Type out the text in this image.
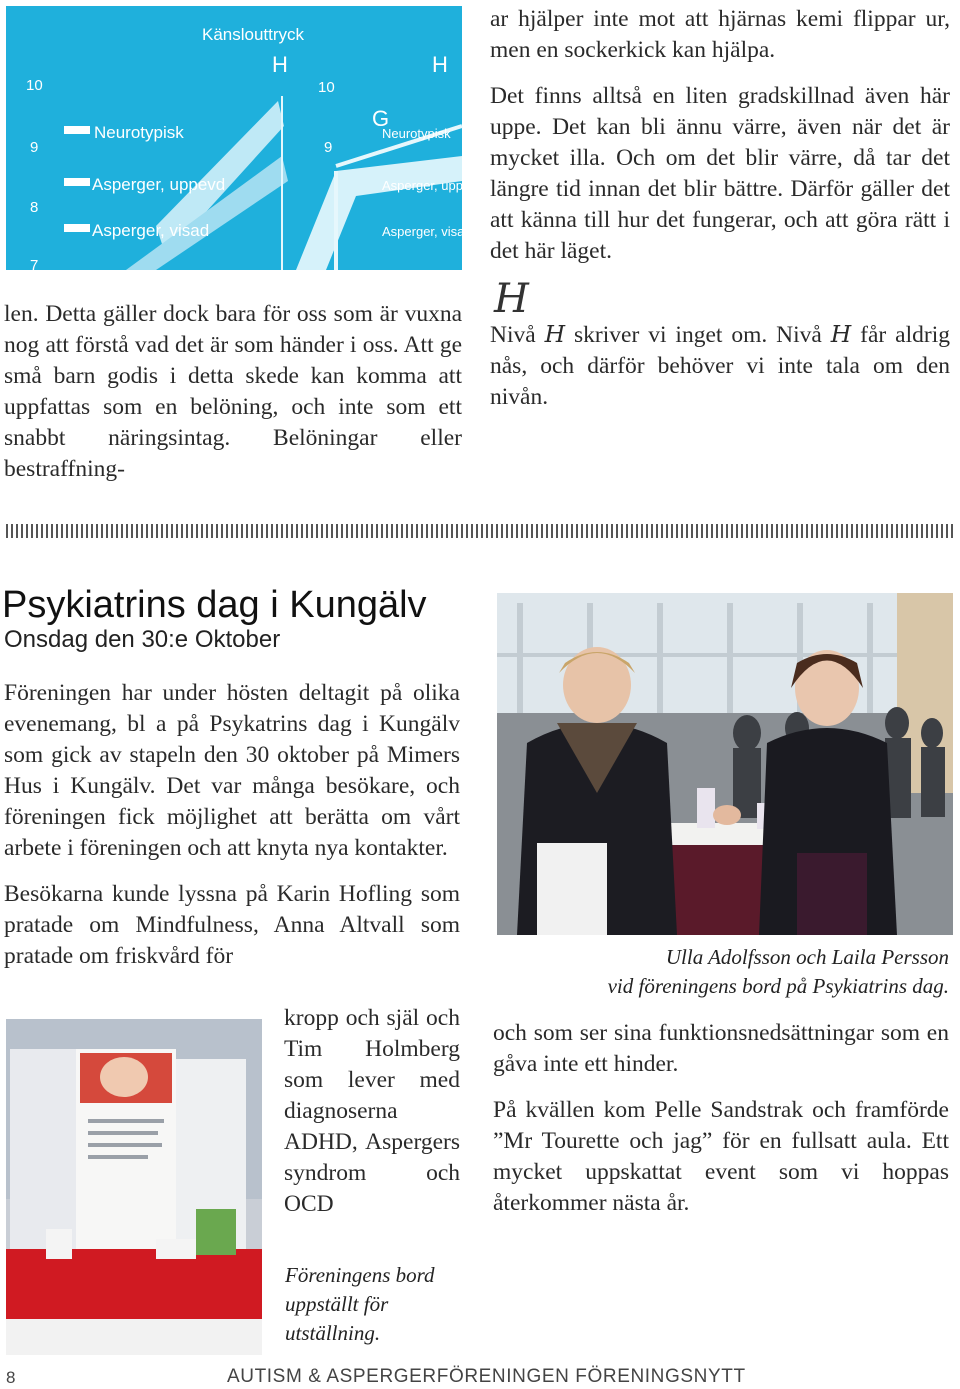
Känslouttryck
H	H
G
10
9
8
7
10
9
Neurotypisk
Asperger, uppevd
Asperger, visad
Neurotypisk
Asperger, upple
Asperger, visad

len. Detta gäller dock bara för oss som är vuxna nog att förstå vad det är som händer i oss. Att ge små barn godis i detta skede kan komma att uppfattas som en belöning, och inte som ett snabbt näringsintag. Belöningar eller bestraffning-

ar hjälper inte mot att hjärnas kemi flippar ur, men en sockerkick kan hjälpa.

Det finns alltså en liten gradskillnad även här uppe. Det kan bli ännu värre, även när det är mycket illa. Och om det blir värre, då tar det längre tid innan det blir bättre. Därför gäller det att känna till hur det fungerar, och att göra rätt i det här läget.

H

Nivå H skriver vi inget om. Nivå H får aldrig nås, och därför behöver vi inte tala om den nivån.

Psykiatrins dag i Kungälv
Onsdag den 30:e Oktober

Föreningen har under hösten deltagit på olika evenemang, bl a på Psykatrins dag i Kungälv som gick av stapeln den 30 oktober på Mimers Hus i Kungälv. Det var många besökare, och föreningen fick möjlighet att berätta om vårt arbete i föreningen och att knyta nya kontakter.

Besökarna kunde lyssna på Karin Hofling som pratade om Mindfulness, Anna Altvall som pratade om friskvård för

kropp och själ och Tim Holmberg som lever med diagnoserna ADHD, Aspergers syndrom och OCD

Ulla Adolfsson och Laila Persson
vid föreningens bord på Psykiatrins dag.

och som ser sina funktionsnedsättningar som en gåva inte ett hinder.

På kvällen kom Pelle Sandstrak och framförde ”Mr Tourette och jag” för en fullsatt aula. Ett mycket uppskattat event som vi hoppas återkommer nästa år.

Föreningens bord uppställt för utställning.
8	AUTISM & ASPERGERFÖRENINGEN FÖRENINGSNYTT
